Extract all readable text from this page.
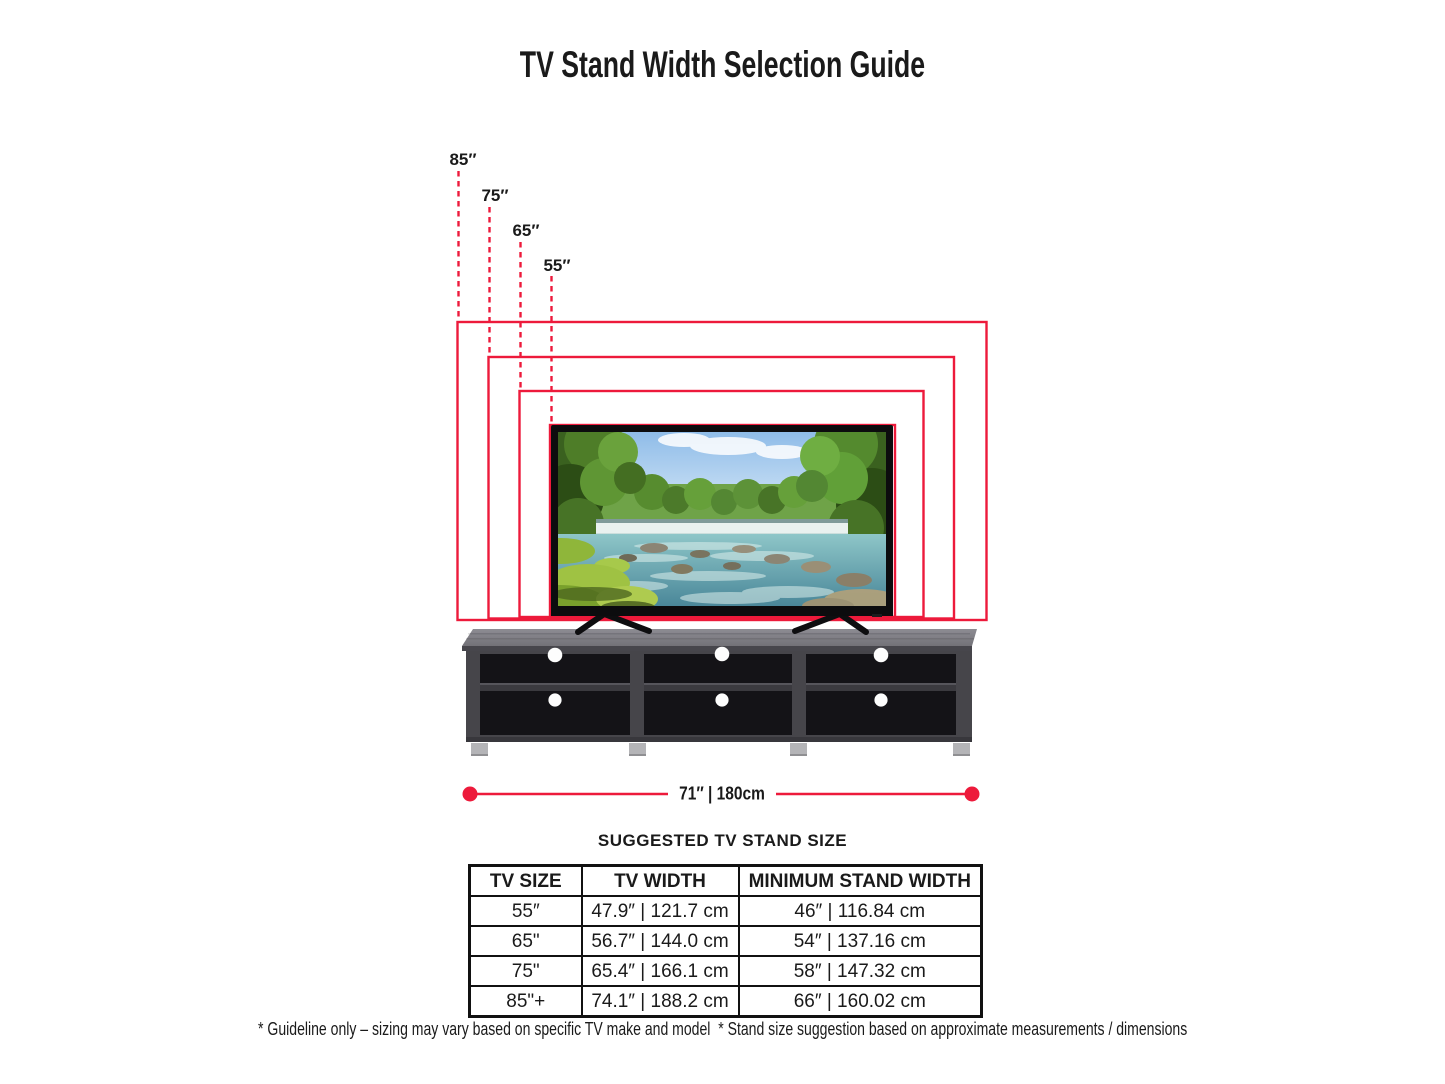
TV Stand Width Selection Guide
85″
75″
65″
55″
71″ | 180cm
SUGGESTED TV STAND SIZE
TV SIZE	TV WIDTH	MINIMUM STAND WIDTH
55″	47.9″ | 121.7 cm	46″ | 116.84 cm
65"	56.7″ | 144.0 cm	54″ | 137.16 cm
75"	65.4″ | 166.1 cm	58″ | 147.32 cm
85"+	74.1″ | 188.2 cm	66″ | 160.02 cm
* Guideline only – sizing may vary based on specific TV make and model  * Stand size suggestion based on approximate measurements / dimensions
